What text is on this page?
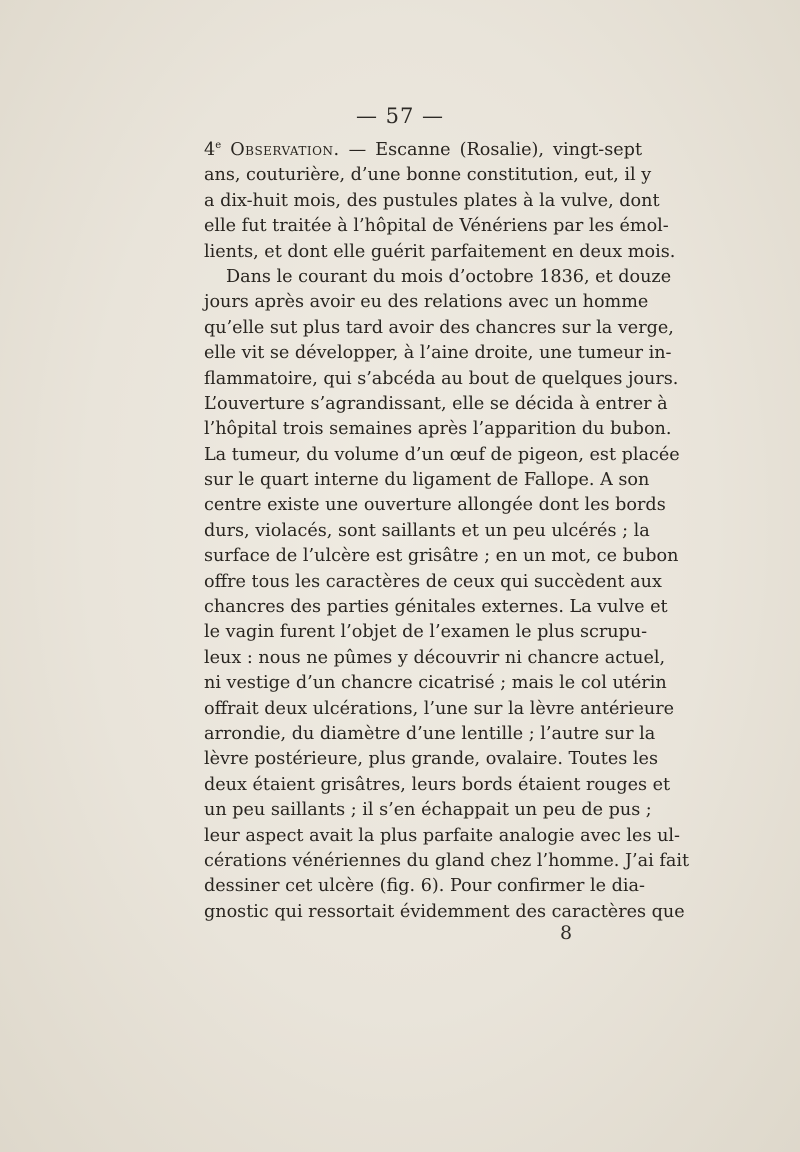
— 57 —
4e Observation. — Escanne (Rosalie), vingt-sept
ans, couturière, d’une bonne constitution, eut, il y
a dix-huit mois, des pustules plates à la vulve, dont
elle fut traitée à l’hôpital de Vénériens par les émol-
lients, et dont elle guérit parfaitement en deux mois.
Dans le courant du mois d’octobre 1836, et douze
jours après avoir eu des relations avec un homme
qu’elle sut plus tard avoir des chancres sur la verge,
elle vit se développer, à l’aine droite, une tumeur in-
flammatoire, qui s’abcéda au bout de quelques jours.
L’ouverture s’agrandissant, elle se décida à entrer à
l’hôpital trois semaines après l’apparition du bubon.
La tumeur, du volume d’un œuf de pigeon, est placée
sur le quart interne du ligament de Fallope. A son
centre existe une ouverture allongée dont les bords
durs, violacés, sont saillants et un peu ulcérés ; la
surface de l’ulcère est grisâtre ; en un mot, ce bubon
offre tous les caractères de ceux qui succèdent aux
chancres des parties génitales externes. La vulve et
le vagin furent l’objet de l’examen le plus scrupu-
leux : nous ne pûmes y découvrir ni chancre actuel,
ni vestige d’un chancre cicatrisé ; mais le col utérin
offrait deux ulcérations, l’une sur la lèvre antérieure
arrondie, du diamètre d’une lentille ; l’autre sur la
lèvre postérieure, plus grande, ovalaire. Toutes les
deux étaient grisâtres, leurs bords étaient rouges et
un peu saillants ; il s’en échappait un peu de pus ;
leur aspect avait la plus parfaite analogie avec les ul-
cérations vénériennes du gland chez l’homme. J’ai fait
dessiner cet ulcère (fig. 6). Pour confirmer le dia-
gnostic qui ressortait évidemment des caractères que
8
